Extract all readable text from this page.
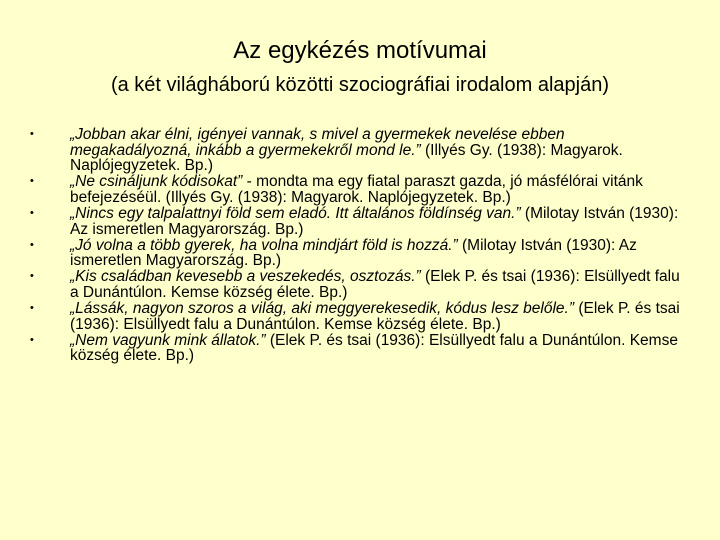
Az egykézés motívumai
(a két világháború közötti szociográfiai irodalom alapján)
• „Jobban akar élni, igényei vannak, s mivel a gyermekek nevelése ebben megakadályozná, inkább a gyermekekről mond le.” (Illyés Gy. (1938): Magyarok. Naplójegyzetek. Bp.)
• „Ne csináljunk kódisokat” - mondta ma egy fiatal paraszt gazda, jó másfélórai vitánk befejezéséül. (Illyés Gy. (1938): Magyarok. Naplójegyzetek. Bp.)
• „Nincs egy talpalattnyi föld sem eladó. Itt általános földínség van.” (Milotay István (1930): Az ismeretlen Magyarország. Bp.)
• „Jó volna a több gyerek, ha volna mindjárt föld is hozzá.” (Milotay István (1930): Az ismeretlen Magyarország. Bp.)
• „Kis családban kevesebb a veszekedés, osztozás.” (Elek P. és tsai (1936): Elsüllyedt falu a Dunántúlon. Kemse község élete. Bp.)
• „Lássák, nagyon szoros a világ, aki meggyerekesedik, kódus lesz belőle.” (Elek P. és tsai (1936): Elsüllyedt falu a Dunántúlon. Kemse község élete. Bp.)
• „Nem vagyunk mink állatok.” (Elek P. és tsai (1936): Elsüllyedt falu a Dunántúlon. Kemse község élete. Bp.)
